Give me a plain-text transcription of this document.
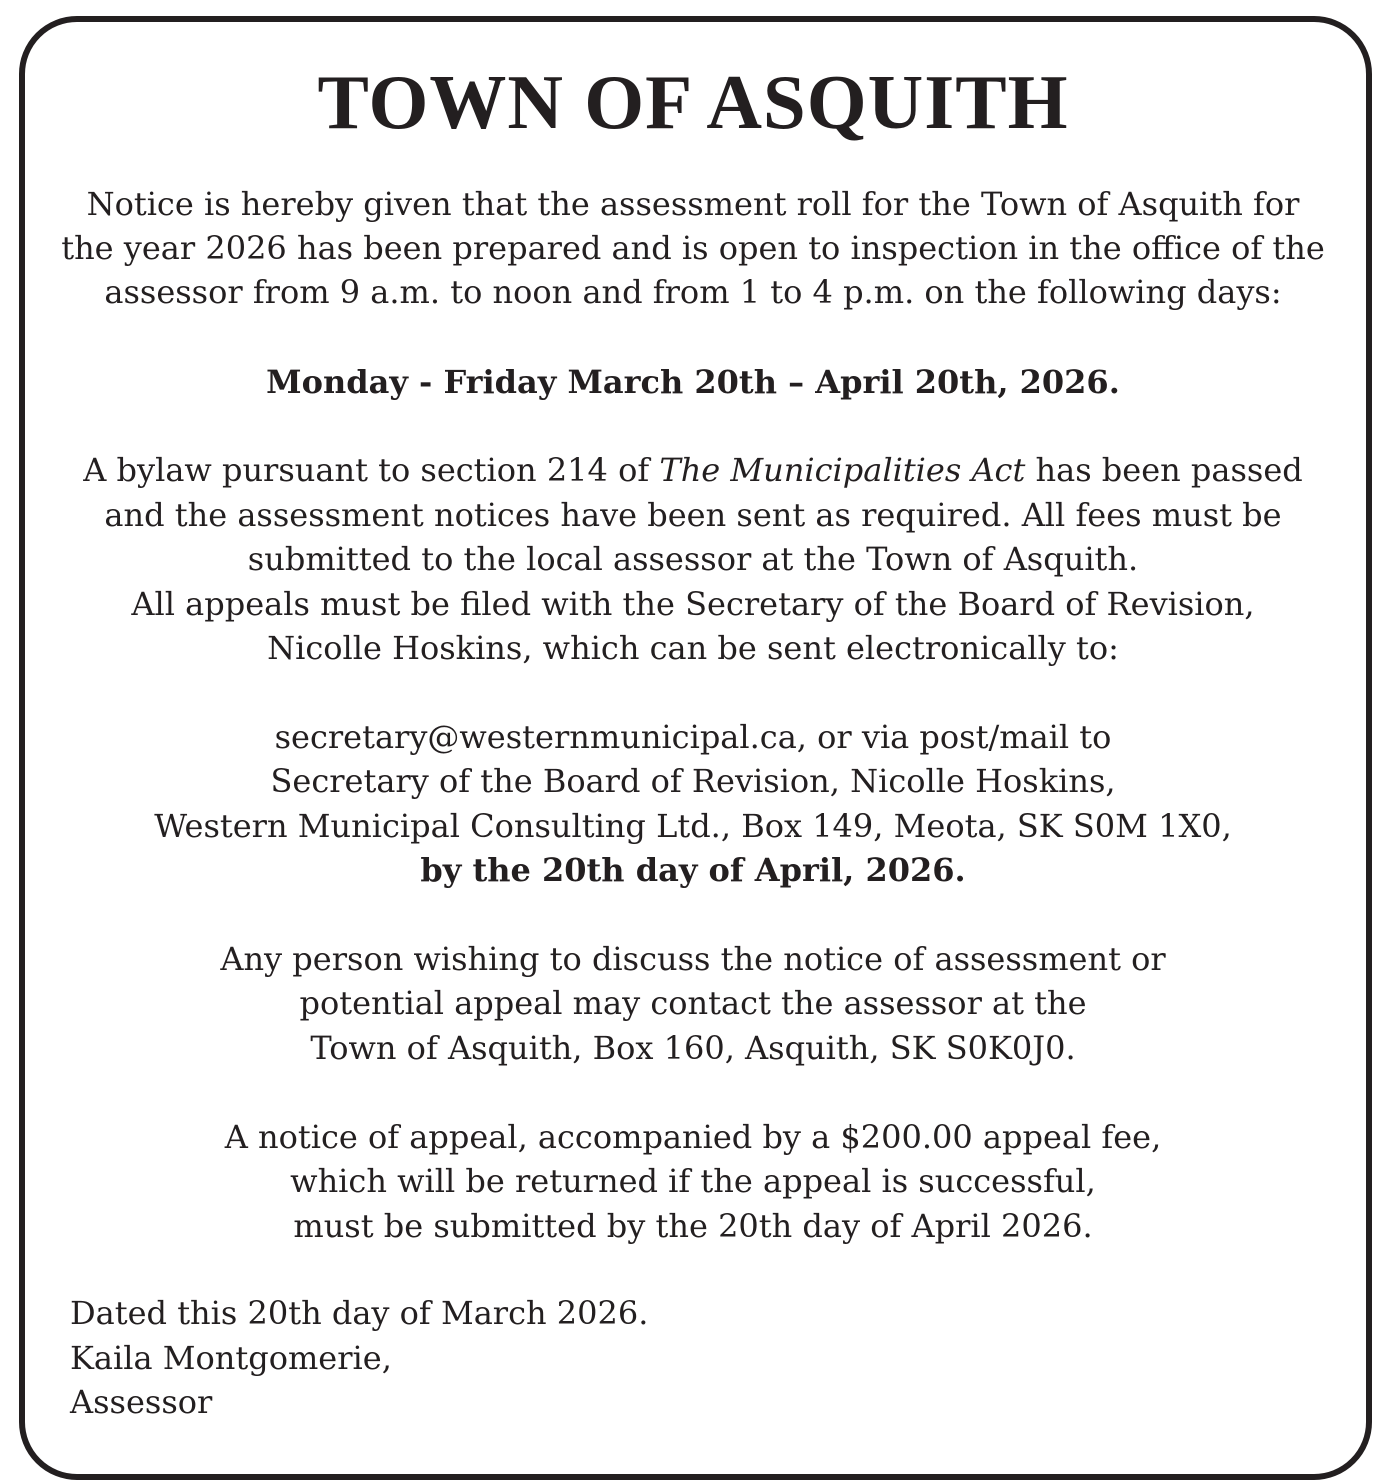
TOWN OF ASQUITH
Notice is hereby given that the assessment roll for the Town of Asquith for
the year 2026 has been prepared and is open to inspection in the office of the
assessor from 9 a.m. to noon and from 1 to 4 p.m. on the following days:
Monday - Friday March 20th – April 20th, 2026.
A bylaw pursuant to section 214 of The Municipalities Act has been passed
and the assessment notices have been sent as required. All fees must be
submitted to the local assessor at the Town of Asquith.
All appeals must be filed with the Secretary of the Board of Revision,
Nicolle Hoskins, which can be sent electronically to:
secretary@westernmunicipal.ca, or via post/mail to
Secretary of the Board of Revision, Nicolle Hoskins,
Western Municipal Consulting Ltd., Box 149, Meota, SK S0M 1X0,
by the 20th day of April, 2026.
Any person wishing to discuss the notice of assessment or
potential appeal may contact the assessor at the
Town of Asquith, Box 160, Asquith, SK S0K0J0.
A notice of appeal, accompanied by a $200.00 appeal fee,
which will be returned if the appeal is successful,
must be submitted by the 20th day of April 2026.
Dated this 20th day of March 2026.
Kaila Montgomerie,
Assessor
